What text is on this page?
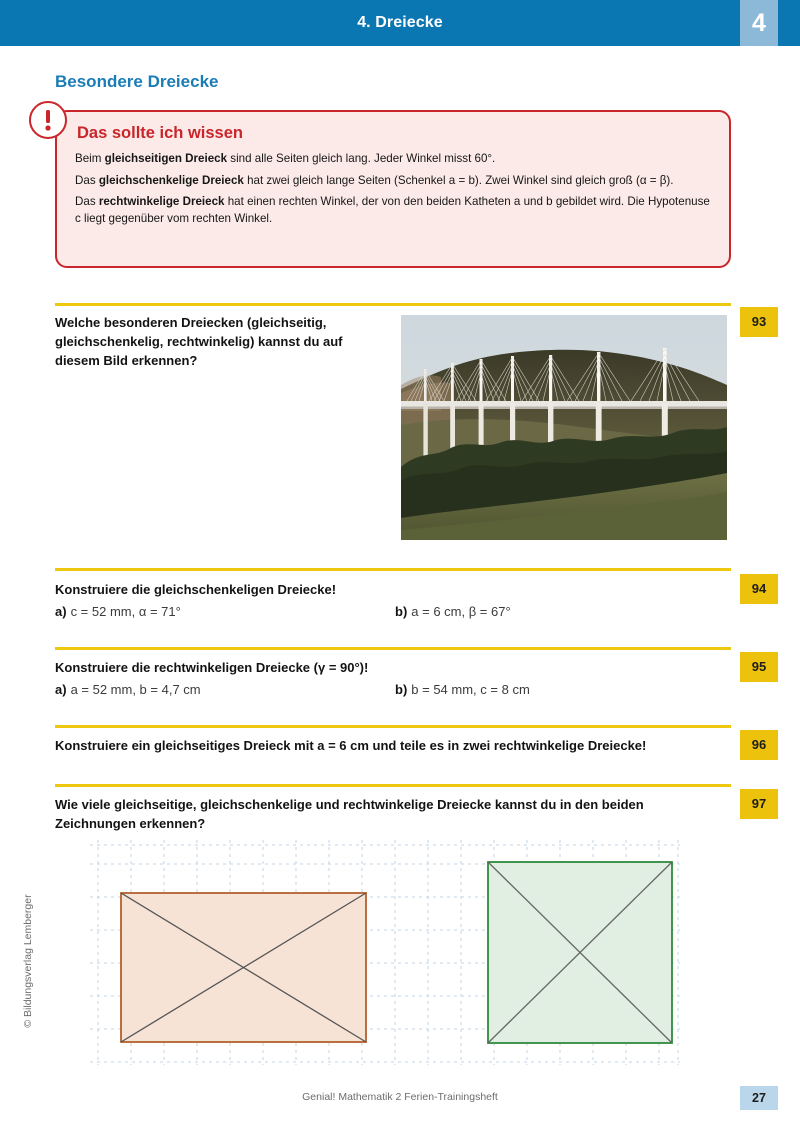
4. Dreiecke	4
Besondere Dreiecke
Das sollte ich wissen
Beim gleichseitigen Dreieck sind alle Seiten gleich lang. Jeder Winkel misst 60°.
Das gleichschenkelige Dreieck hat zwei gleich lange Seiten (Schenkel a = b). Zwei Winkel sind gleich groß (α = β).
Das rechtwinkelige Dreieck hat einen rechten Winkel, der von den beiden Katheten a und b gebildet wird. Die Hypotenuse c liegt gegenüber vom rechten Winkel.
93
Welche besonderen Dreiecken (gleichseitig, gleichschenkelig, rechtwinkelig) kannst du auf diesem Bild erkennen?
94
Konstruiere die gleichschenkeligen Dreiecke!
a) c = 52 mm, α = 71°	b) a = 6 cm, β = 67°
95
Konstruiere die rechtwinkeligen Dreiecke (γ = 90°)!
a) a = 52 mm, b = 4,7 cm	b) b = 54 mm, c = 8 cm
96
Konstruiere ein gleichseitiges Dreieck mit a = 6 cm und teile es in zwei rechtwinkelige Dreiecke!
97
Wie viele gleichseitige, gleichschenkelige und rechtwinkelige Dreiecke kannst du in den beiden Zeichnungen erkennen?
Genial! Mathematik 2 Ferien-Trainingsheft	27
© Bildungsverlag Lemberger
